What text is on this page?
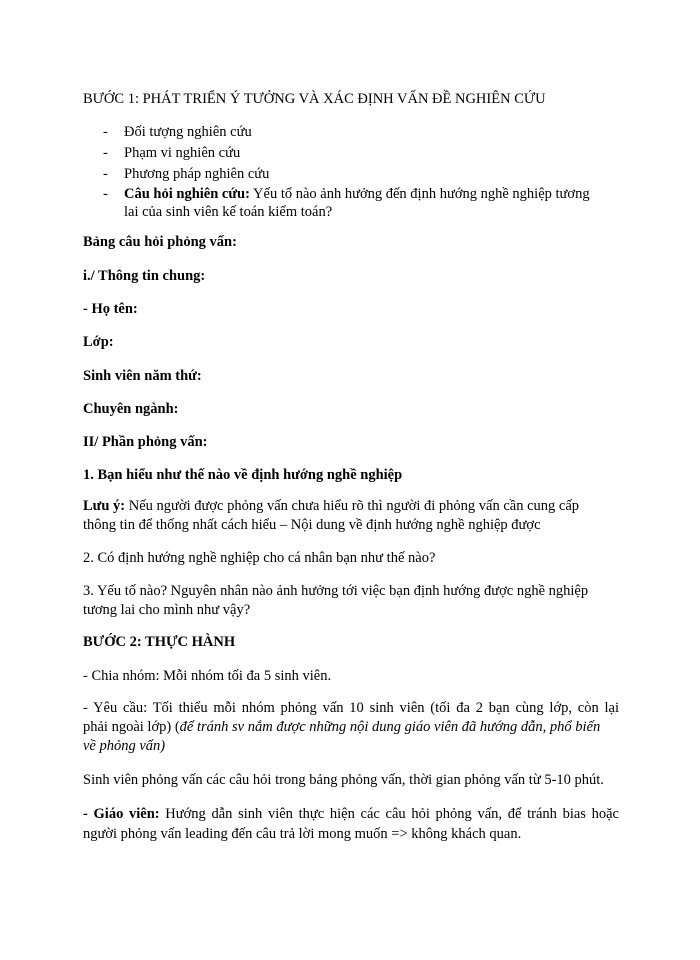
BƯỚC 1: PHÁT TRIỂN Ý TƯỞNG VÀ XÁC ĐỊNH VẤN ĐỀ NGHIÊN CỨU
- Đối tượng nghiên cứu
- Phạm vi nghiên cứu
- Phương pháp nghiên cứu
- Câu hỏi nghiên cứu: Yếu tố nào ảnh hưởng đến định hướng nghề nghiệp tương
lai của sinh viên kế toán kiểm toán?
Bảng câu hỏi phỏng vấn:
i./ Thông tin chung:
- Họ tên:
Lớp:
Sinh viên năm thứ:
Chuyên ngành:
II/ Phần phỏng vấn:
1. Bạn hiểu như thế nào về định hướng nghề nghiệp
Lưu ý: Nếu người được phỏng vấn chưa hiểu rõ thì người đi phỏng vấn cần cung cấp
thông tin để thống nhất cách hiểu – Nội dung về định hướng nghề nghiệp được
2. Có định hướng nghề nghiệp cho cá nhân bạn như thế nào?
3. Yếu tố nào? Nguyên nhân nào ảnh hưởng tới việc bạn định hướng được nghề nghiệp
tương lai cho mình như vậy?
BƯỚC 2: THỰC HÀNH
- Chia nhóm: Mỗi nhóm tối đa 5 sinh viên.
- Yêu cầu: Tối thiểu mỗi nhóm phỏng vấn 10 sinh viên (tối đa 2 bạn cùng lớp, còn lại
phải ngoài lớp) (để tránh sv nắm được những nội dung giáo viên đã hướng dẫn, phổ biến
về phỏng vấn)
Sinh viên phỏng vấn các câu hỏi trong bảng phỏng vấn, thời gian phỏng vấn từ 5-10 phút.
- Giáo viên: Hướng dẫn sinh viên thực hiện các câu hỏi phỏng vấn, để tránh bias hoặc
người phỏng vấn leading đến câu trả lời mong muốn => không khách quan.
